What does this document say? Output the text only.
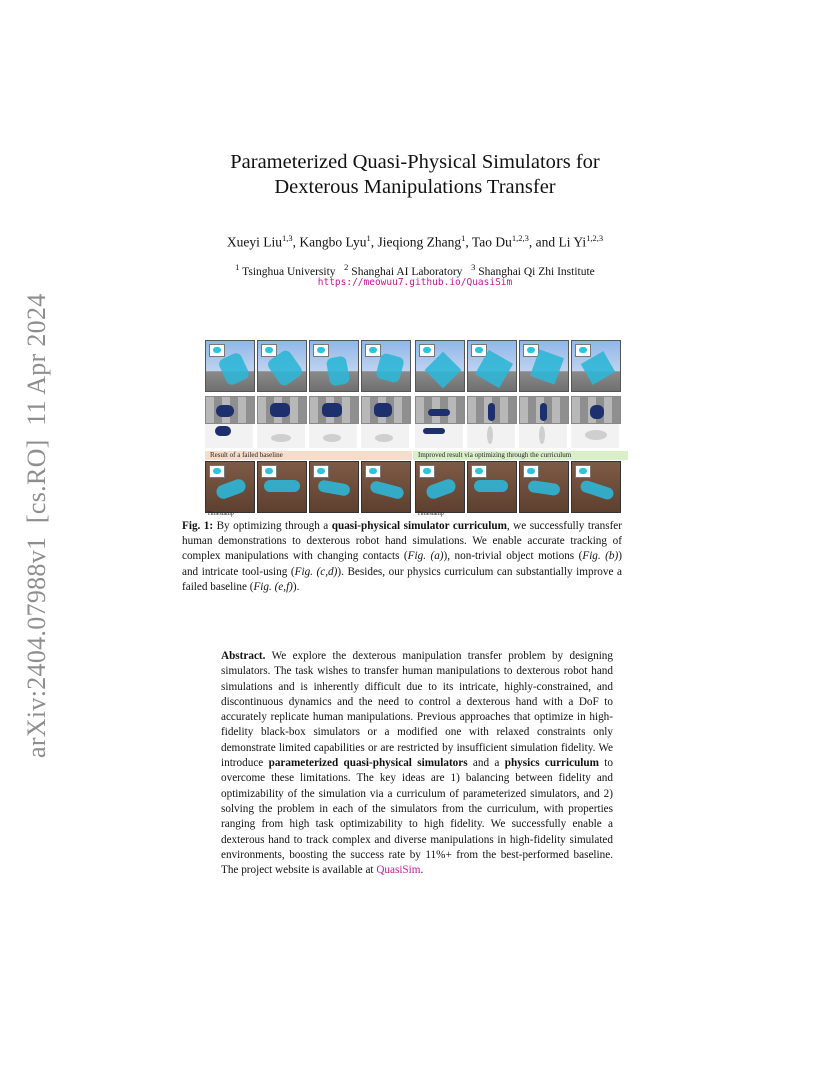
arXiv:2404.07988v1  [cs.RO]  11 Apr 2024
Parameterized Quasi-Physical Simulators for
Dexterous Manipulations Transfer
Xueyi Liu$^{1,3}$, Kangbo Lyu$^1$, Jieqiong Zhang$^1$, Tao Du$^{1,2,3}$, and Li Yi$^{1,2,3}$
$^1$ Tsinghua University $^2$ Shanghai AI Laboratory $^3$ Shanghai Qi Zhi Institute
https://meowuu7.github.io/QuasiSim
Result of a failed baseline	Improved result via optimizing through the curriculum
Timestamp	Timestamp
Fig. 1: By optimizing through a quasi-physical simulator curriculum, we successfully transfer human demonstrations to dexterous robot hand simulations. We enable accurate tracking of complex manipulations with changing contacts (Fig. (a)), non-trivial object motions (Fig. (b)) and intricate tool-using (Fig. (c,d)). Besides, our physics curriculum can substantially improve a failed baseline (Fig. (e,f)).
Abstract. We explore the dexterous manipulation transfer problem by designing simulators. The task wishes to transfer human manipulations to dexterous robot hand simulations and is inherently difficult due to its intricate, highly-constrained, and discontinuous dynamics and the need to control a dexterous hand with a DoF to accurately replicate human manipulations. Previous approaches that optimize in high-fidelity black-box simulators or a modified one with relaxed constraints only demonstrate limited capabilities or are restricted by insufficient simulation fidelity. We introduce parameterized quasi-physical simulators and a physics curriculum to overcome these limitations. The key ideas are 1) balancing between fidelity and optimizability of the simulation via a curriculum of parameterized simulators, and 2) solving the problem in each of the simulators from the curriculum, with properties ranging from high task optimizability to high fidelity. We successfully enable a dexterous hand to track complex and diverse manipulations in high-fidelity simulated environments, boosting the success rate by 11%+ from the best-performed baseline. The project website is available at QuasiSim.
